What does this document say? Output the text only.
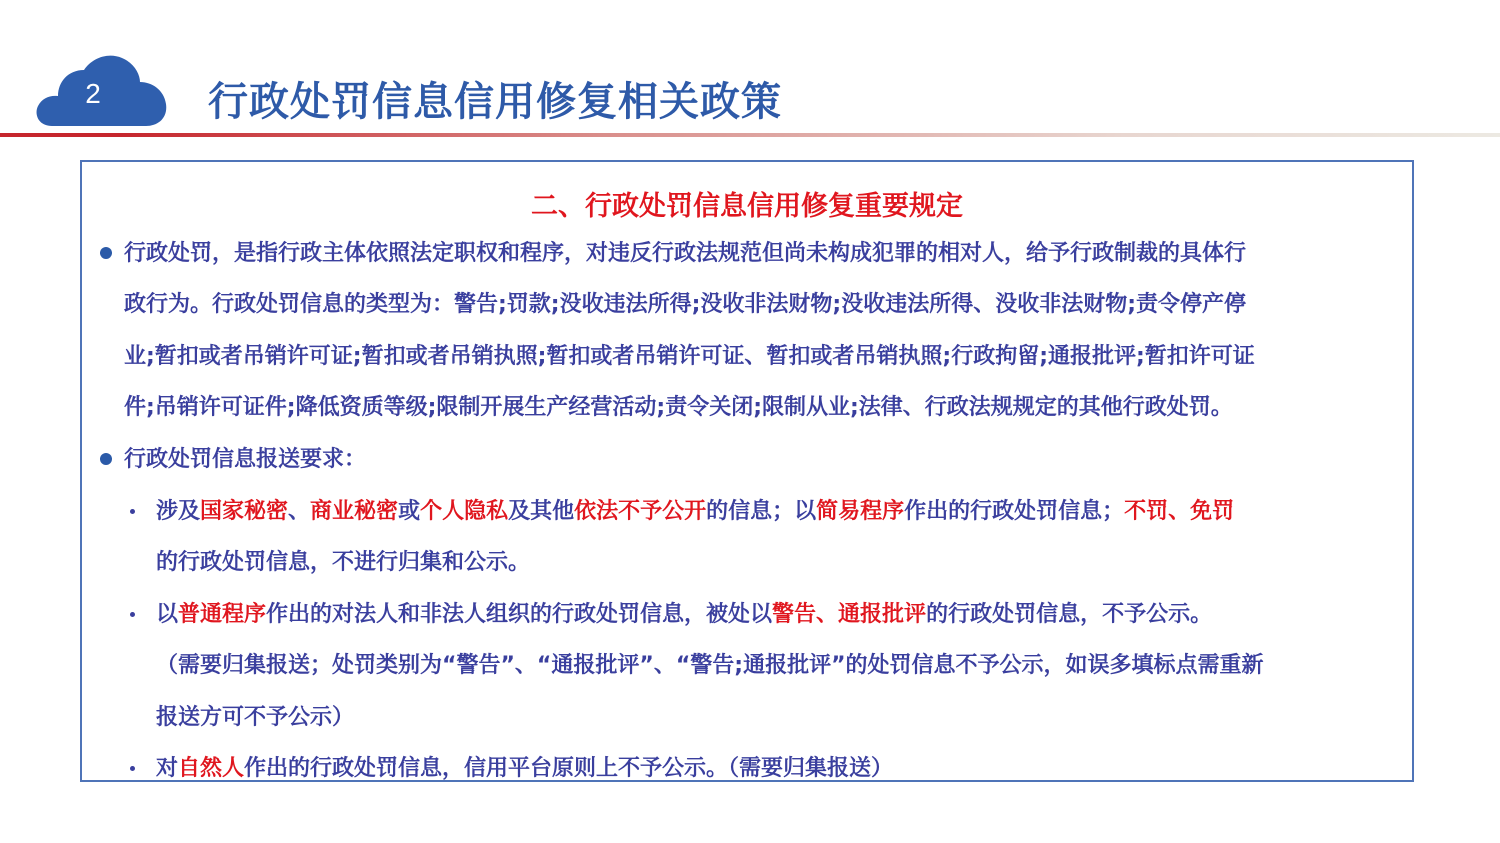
2	行政处罚信息信用修复相关政策
二、行政处罚信息信用修复重要规定
行政处罚，是指行政主体依照法定职权和程序，对违反行政法规范但尚未构成犯罪的相对人，给予行政制裁的具体行
政行为。行政处罚信息的类型为：警告;罚款;没收违法所得;没收非法财物;没收违法所得、没收非法财物;责令停产停
业;暂扣或者吊销许可证;暂扣或者吊销执照;暂扣或者吊销许可证、暂扣或者吊销执照;行政拘留;通报批评;暂扣许可证
件;吊销许可证件;降低资质等级;限制开展生产经营活动;责令关闭;限制从业;法律、行政法规规定的其他行政处罚。
行政处罚信息报送要求：
涉及国家秘密、商业秘密或个人隐私及其他依法不予公开的信息；以简易程序作出的行政处罚信息；不罚、免罚
的行政处罚信息，不进行归集和公示。
以普通程序作出的对法人和非法人组织的行政处罚信息，被处以警告、通报批评的行政处罚信息，不予公示。
（需要归集报送；处罚类别为“警告”、“通报批评”、“警告;通报批评”的处罚信息不予公示，如误多填标点需重新
报送方可不予公示）
对自然人作出的行政处罚信息，信用平台原则上不予公示。（需要归集报送）
